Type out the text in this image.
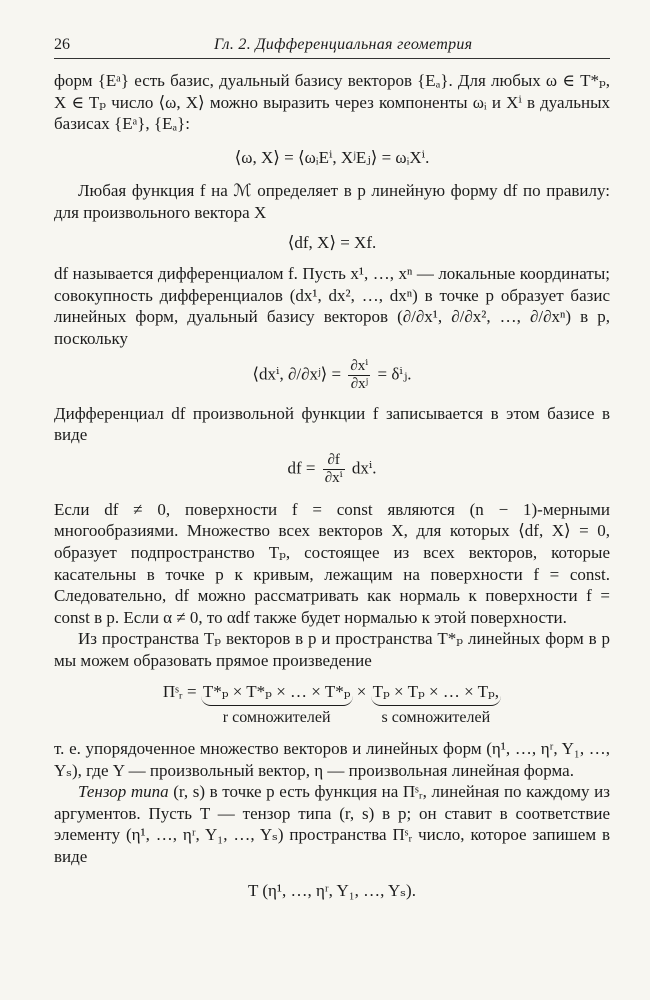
26	Гл. 2. Дифференциальная геометрия

форм {Eᵃ} есть базис, дуальный базису векторов {Eₐ}. Для любых ω ∈ T*ₚ, X ∈ Tₚ число ⟨ω, X⟩ можно выразить через компоненты ωᵢ и Xⁱ в дуальных базисах {Eᵃ}, {Eₐ}:

⟨ω, X⟩ = ⟨ωᵢEⁱ, XʲEⱼ⟩ = ωᵢXⁱ.

Любая функция f на ℳ определяет в p линейную форму df по правилу: для произвольного вектора X

⟨df, X⟩ = Xf.

df называется дифференциалом f. Пусть x¹, …, xⁿ — локальные координаты; совокупность дифференциалов (dx¹, dx², …, dxⁿ) в точке p образует базис линейных форм, дуальный базису векторов (∂/∂x¹, ∂/∂x², …, ∂/∂xⁿ) в p, поскольку

⟨dxⁱ, ∂/∂xʲ⟩ = $\frac{\text{∂xⁱ}}{\text{∂xʲ}}$ = δⁱⱼ.

Дифференциал df произвольной функции f записывается в этом базисе в виде

df = $\frac{\partial f}{\text{∂xⁱ}} dx^i$.

Если df ≠ 0, поверхности f = const являются (n − 1)-мерными многообразиями. Множество всех векторов X, для которых ⟨df, X⟩ = 0, образует подпространство Tₚ, состоящее из всех векторов, которые касательны в точке p к кривым, лежащим на поверхности f = const. Следовательно, df можно рассматривать как нормаль к поверхности f = const в p. Если α ≠ 0, то αdf также будет нормалью к этой поверхности.

Из пространства Tₚ векторов в p и пространства T*ₚ линейных форм в p мы можем образовать прямое произведение

Πˢᵣ = T*ₚ × T*ₚ × … × T*ₚ
r сомножителей
× Tₚ × Tₚ × … × Tₚ,
s сомножителей

т. е. упорядоченное множество векторов и линейных форм (η¹, …, ηʳ, Y₁, …, Yₛ), где Y — произвольный вектор, η — произвольная линейная форма.

Тензор типа (r, s) в точке p есть функция на Πˢᵣ, линейная по каждому из аргументов. Пусть T — тензор типа (r, s) в p; он ставит в соответствие элементу (η¹, …, ηʳ, Y₁, …, Yₛ) пространства Πˢᵣ число, которое запишем в виде

T (η¹, …, ηʳ, Y₁, …, Yₛ).
